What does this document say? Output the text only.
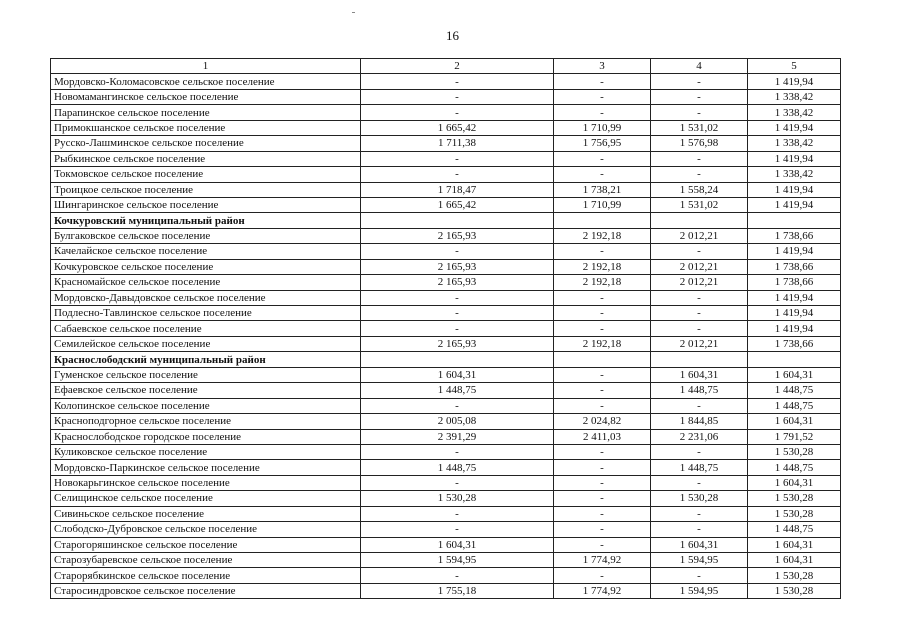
16
1	2	3	4	5
Мордовско-Коломасовское сельское поселение	-	-	-	1 419,94
Новомамангинское сельское поселение	-	-	-	1 338,42
Парапинское сельское поселение	-	-	-	1 338,42
Примокшанское сельское поселение	1 665,42	1 710,99	1 531,02	1 419,94
Русско-Лашминское сельское поселение	1 711,38	1 756,95	1 576,98	1 338,42
Рыбкинское сельское поселение	-	-	-	1 419,94
Токмовское сельское поселение	-	-	-	1 338,42
Троицкое сельское поселение	1 718,47	1 738,21	1 558,24	1 419,94
Шингаринское сельское поселение	1 665,42	1 710,99	1 531,02	1 419,94
Кочкуровский муниципальный район				
Булгаковское сельское поселение	2 165,93	2 192,18	2 012,21	1 738,66
Качелайское сельское поселение	-	-	-	1 419,94
Кочкуровское сельское поселение	2 165,93	2 192,18	2 012,21	1 738,66
Красномайское сельское поселение	2 165,93	2 192,18	2 012,21	1 738,66
Мордовско-Давыдовское сельское поселение	-	-	-	1 419,94
Подлесно-Тавлинское сельское поселение	-	-	-	1 419,94
Сабаевское сельское поселение	-	-	-	1 419,94
Семилейское сельское поселение	2 165,93	2 192,18	2 012,21	1 738,66
Краснослободский муниципальный район				
Гуменское сельское поселение	1 604,31	-	1 604,31	1 604,31
Ефаевское сельское поселение	1 448,75	-	1 448,75	1 448,75
Колопинское сельское поселение	-	-	-	1 448,75
Краснoподгорное сельское поселение	2 005,08	2 024,82	1 844,85	1 604,31
Краснослободское городское поселение	2 391,29	2 411,03	2 231,06	1 791,52
Куликовское сельское поселение	-	-	-	1 530,28
Мордовско-Паркинское сельское поселение	1 448,75	-	1 448,75	1 448,75
Новокарьгинское сельское поселение	-	-	-	1 604,31
Селищинское сельское поселение	1 530,28	-	1 530,28	1 530,28
Сивиньское сельское поселение	-	-	-	1 530,28
Слободско-Дубровское сельское поселение	-	-	-	1 448,75
Старогоряшинское сельское поселение	1 604,31	-	1 604,31	1 604,31
Старозубаревское сельское поселение	1 594,95	1 774,92	1 594,95	1 604,31
Старорябкинское сельское поселение	-	-	-	1 530,28
Старосиндровское сельское поселение	1 755,18	1 774,92	1 594,95	1 530,28
